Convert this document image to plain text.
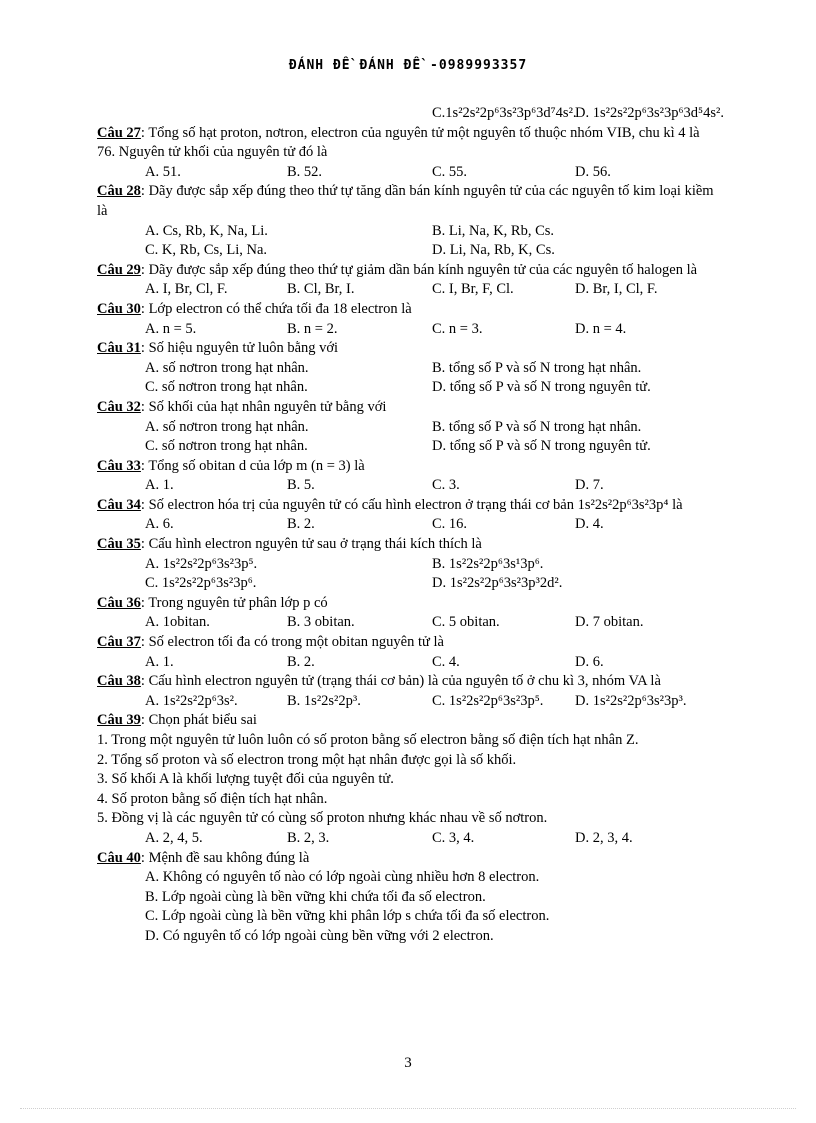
ĐÁNH ĐỀ ĐÁNH ĐỀ -0989993357
C.1s²2s²2p⁶3s²3p⁶3d⁷4s².
D. 1s²2s²2p⁶3s²3p⁶3d⁵4s².
Câu 27: Tổng số hạt proton, nơtron, electron của nguyên tử một nguyên tố thuộc nhóm VIB, chu kì 4 là 76. Nguyên tử khối của nguyên tử đó là
A. 51.	B. 52.	C. 55.	D. 56.
Câu 28: Dãy được sắp xếp đúng theo thứ tự tăng dần bán kính nguyên tử của các nguyên tố kim loại kiềm là
A. Cs, Rb, K, Na, Li.	B. Li, Na, K, Rb, Cs.
C. K, Rb, Cs, Li, Na.	D. Li, Na, Rb, K, Cs.
Câu 29: Dãy được sắp xếp đúng theo thứ tự giảm dần bán kính nguyên tử của các nguyên tố halogen là
A. I, Br, Cl, F.	B. Cl, Br, I.	C. I, Br, F, Cl.	D. Br, I, Cl, F.
Câu 30: Lớp electron có thể chứa tối đa 18 electron là
A. n = 5.	B. n = 2.	C. n = 3.	D. n = 4.
Câu 31: Số hiệu nguyên tử luôn bằng với
A. số nơtron trong hạt nhân.	B. tổng số P và số N trong hạt nhân.
C. số nơtron trong hạt nhân.	D. tổng số P và số N trong nguyên tử.
Câu 32: Số khối của hạt nhân nguyên tử bằng với
A. số nơtron trong hạt nhân.	B. tổng số P và số N trong hạt nhân.
C. số nơtron trong hạt nhân.	D. tổng số P và số N trong nguyên tử.
Câu 33: Tổng số obitan d của lớp m (n = 3) là
A. 1.	B. 5.	C. 3.	D. 7.
Câu 34: Số electron hóa trị của nguyên tử có cấu hình electron ở trạng thái cơ bản 1s²2s²2p⁶3s²3p⁴ là
A. 6.	B. 2.	C. 16.	D. 4.
Câu 35: Cấu hình electron nguyên tử sau ở trạng thái kích thích là
A. 1s²2s²2p⁶3s²3p⁵.	B. 1s²2s²2p⁶3s¹3p⁶.
C. 1s²2s²2p⁶3s²3p⁶.	D. 1s²2s²2p⁶3s²3p³2d².
Câu 36: Trong nguyên tử phân lớp p có
A. 1obitan.	B. 3 obitan.	C. 5 obitan.	D. 7 obitan.
Câu 37: Số electron tối đa có trong một obitan nguyên tử là
A. 1.	B. 2.	C. 4.	D. 6.
Câu 38: Cấu hình electron nguyên tử (trạng thái cơ bản) là của nguyên tố ở chu kì 3, nhóm VA là
A. 1s²2s²2p⁶3s².	B. 1s²2s²2p³.	C. 1s²2s²2p⁶3s²3p⁵. D. 1s²2s²2p⁶3s²3p³.
Câu 39: Chọn phát biểu sai
1. Trong một nguyên tử luôn luôn có số proton bằng số electron bằng số điện tích hạt nhân Z.
2. Tổng số proton và số electron trong một hạt nhân được gọi là số khối.
3. Số khối A là khối lượng tuyệt đối của nguyên tử.
4. Số proton bằng số điện tích hạt nhân.
5. Đồng vị là các nguyên tử có cùng số proton nhưng khác nhau về số nơtron.
A. 2, 4, 5.	B. 2, 3.	C. 3, 4.	D. 2, 3, 4.
Câu 40: Mệnh đề sau không đúng là
A. Không có nguyên tố nào có lớp ngoài cùng nhiều hơn 8 electron.
B. Lớp ngoài cùng là bền vững khi chứa tối đa số electron.
C. Lớp ngoài cùng là bền vững khi phân lớp s chứa tối đa số electron.
D. Có nguyên tố có lớp ngoài cùng bền vững với 2 electron.
3
